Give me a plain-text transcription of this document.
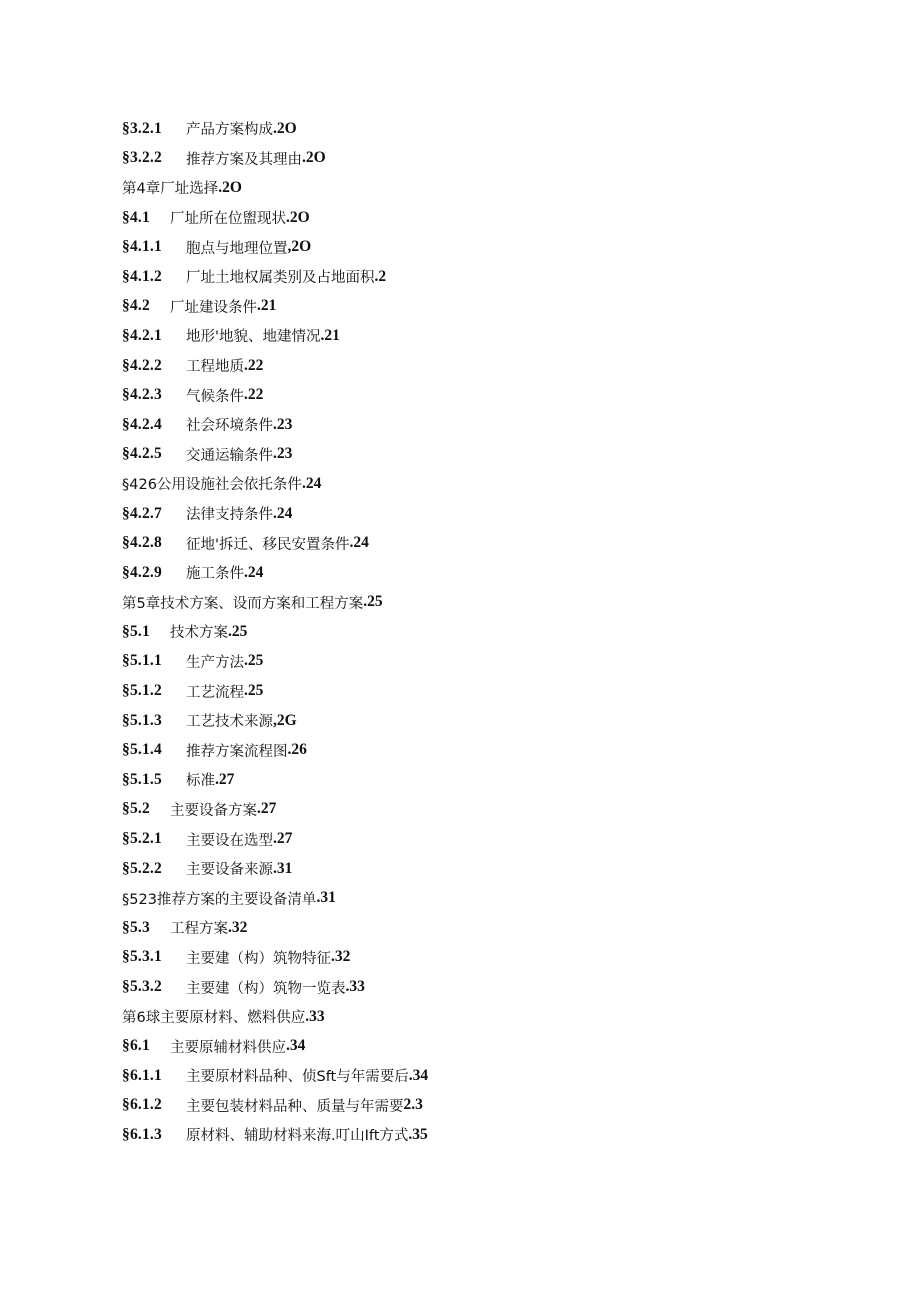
§3.2.1	产品方案构成 .2O
§3.2.2	推荐方案及其理由 .2O
第4章厂址选择 .2O
§4.1	厂址所在位盥现状 .2O
§4.1.1	胞点与地理位置 ,2O
§4.1.2	厂址土地权属类别及占地面积 .2
§4.2	厂址建设条件 .21
§4.2.1	地形'地貌、地建情况 .21
§4.2.2	工程地质 .22
§4.2.3	气候条件 .22
§4.2.4	社会环境条件 .23
§4.2.5	交通运输条件 .23
§426公用设施社会依托条件 .24
§4.2.7	法律支持条件 .24
§4.2.8	征地'拆迁、移民安置条件 .24
§4.2.9	施工条件 .24
第5章技术方案、设而方案和工程方案 .25
§5.1	技术方案 .25
§5.1.1	生产方法 .25
§5.1.2	工艺流程 .25
§5.1.3	工艺技术来源 ,2G
§5.1.4	推荐方案流程图 .26
§5.1.5	标准 .27
§5.2	主要设备方案 .27
§5.2.1	主要设在选型 .27
§5.2.2	主要设备来源 .31
§523推荐方案的主要设备清单 .31
§5.3	工程方案 .32
§5.3.1	主要建（构）筑物特征 .32
§5.3.2	主要建（构）筑物一览表 .33
第6球主要原材料、燃料供应 .33
§6.1	主要原辅材料供应 .34
§6.1.1	主要原材料品种、侦Sft与年需要后 .34
§6.1.2	主要包装材料品种、质量与年需要 2.3
§6.1.3	原材料、辅助材料来海.叮山Ift方式 .35
